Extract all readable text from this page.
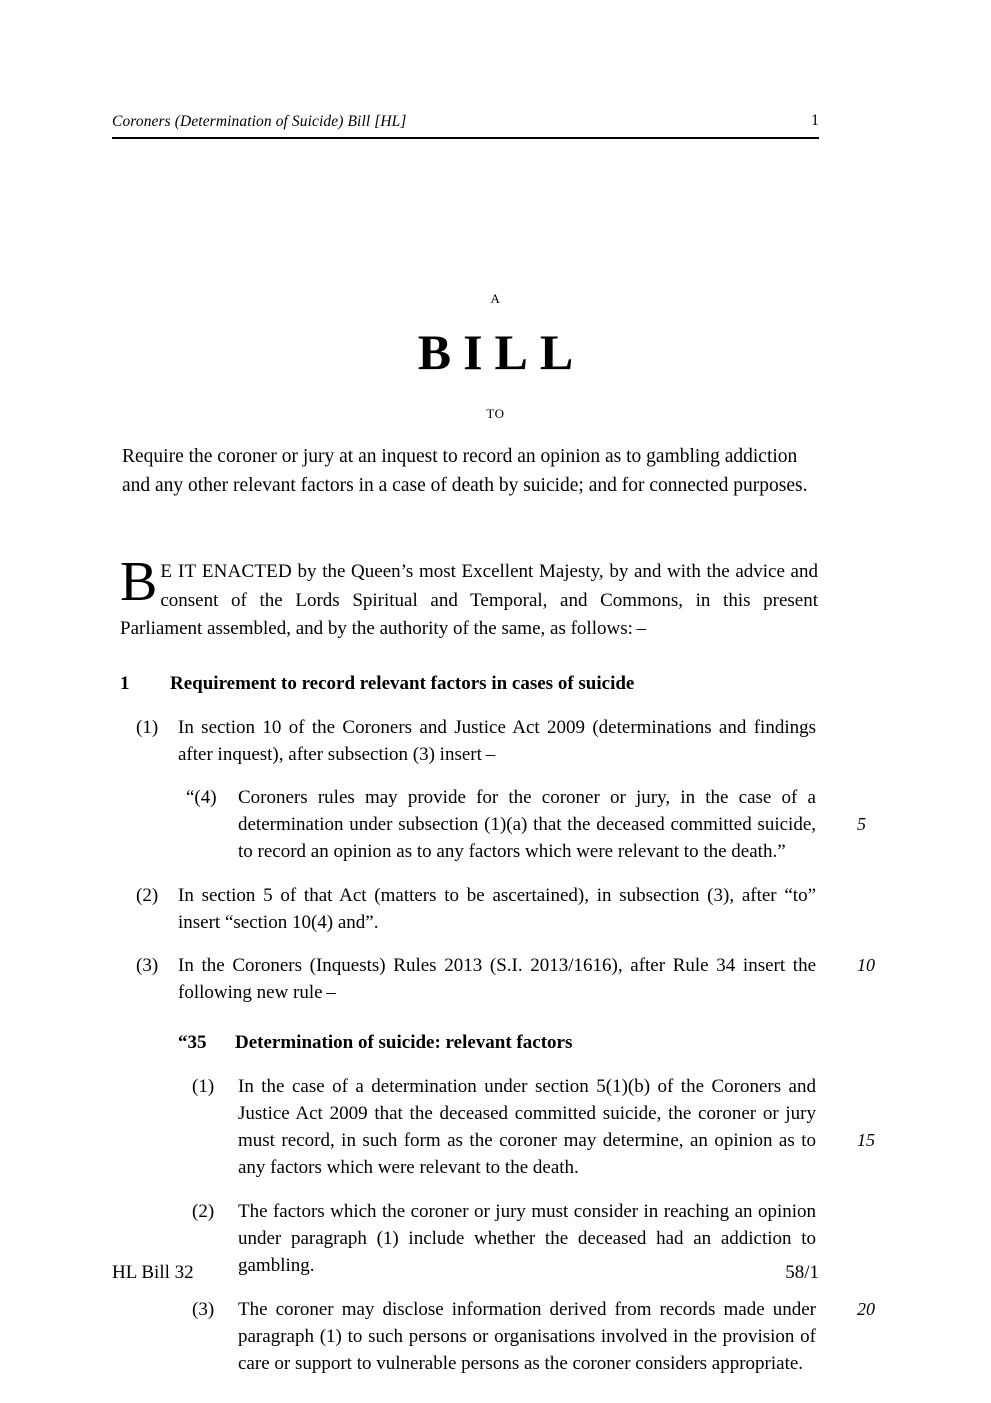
Coroners (Determination of Suicide) Bill [HL]	1
A
BILL
TO
Require the coroner or jury at an inquest to record an opinion as to gambling addiction and any other relevant factors in a case of death by suicide; and for connected purposes.
B E IT ENACTED by the Queen’s most Excellent Majesty, by and with the advice and consent of the Lords Spiritual and Temporal, and Commons, in this present Parliament assembled, and by the authority of the same, as follows: –
1 Requirement to record relevant factors in cases of suicide
(1)	In section 10 of the Coroners and Justice Act 2009 (determinations and findings after inquest), after subsection (3) insert –
“(4)	Coroners rules may provide for the coroner or jury, in the case of a determination under subsection (1)(a) that the deceased committed suicide, to record an opinion as to any factors which were relevant to the death.”
5
(2)	In section 5 of that Act (matters to be ascertained), in subsection (3), after “to” insert “section 10(4) and”.
(3)	In the Coroners (Inquests) Rules 2013 (S.I. 2013/1616), after Rule 34 insert the following new rule –
10
“35 Determination of suicide: relevant factors
(1)	In the case of a determination under section 5(1)(b) of the Coroners and Justice Act 2009 that the deceased committed suicide, the coroner or jury must record, in such form as the coroner may determine, an opinion as to any factors which were relevant to the death.
15
(2)	The factors which the coroner or jury must consider in reaching an opinion under paragraph (1) include whether the deceased had an addiction to gambling.
(3)	The coroner may disclose information derived from records made under paragraph (1) to such persons or organisations involved in the provision of care or support to vulnerable persons as the coroner considers appropriate.
20
HL Bill 32	58/1
